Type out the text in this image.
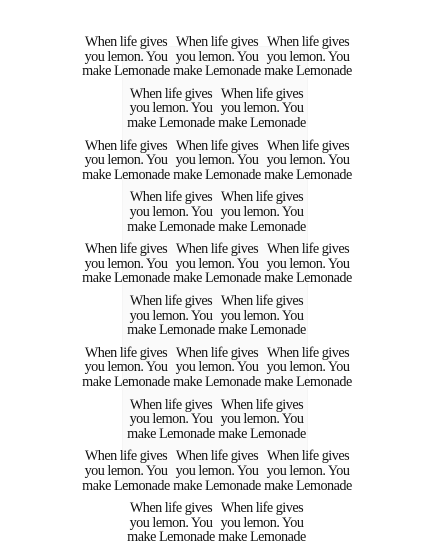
When life gives
you lemon. You
make Lemonade
When life gives
you lemon. You
make Lemonade
When life gives
you lemon. You
make Lemonade
When life gives
you lemon. You
make Lemonade
When life gives
you lemon. You
make Lemonade
When life gives
you lemon. You
make Lemonade
When life gives
you lemon. You
make Lemonade
When life gives
you lemon. You
make Lemonade
When life gives
you lemon. You
make Lemonade
When life gives
you lemon. You
make Lemonade
When life gives
you lemon. You
make Lemonade
When life gives
you lemon. You
make Lemonade
When life gives
you lemon. You
make Lemonade
When life gives
you lemon. You
make Lemonade
When life gives
you lemon. You
make Lemonade
When life gives
you lemon. You
make Lemonade
When life gives
you lemon. You
make Lemonade
When life gives
you lemon. You
make Lemonade
When life gives
you lemon. You
make Lemonade
When life gives
you lemon. You
make Lemonade
When life gives
you lemon. You
make Lemonade
When life gives
you lemon. You
make Lemonade
When life gives
you lemon. You
make Lemonade
When life gives
you lemon. You
make Lemonade
When life gives
you lemon. You
make Lemonade
